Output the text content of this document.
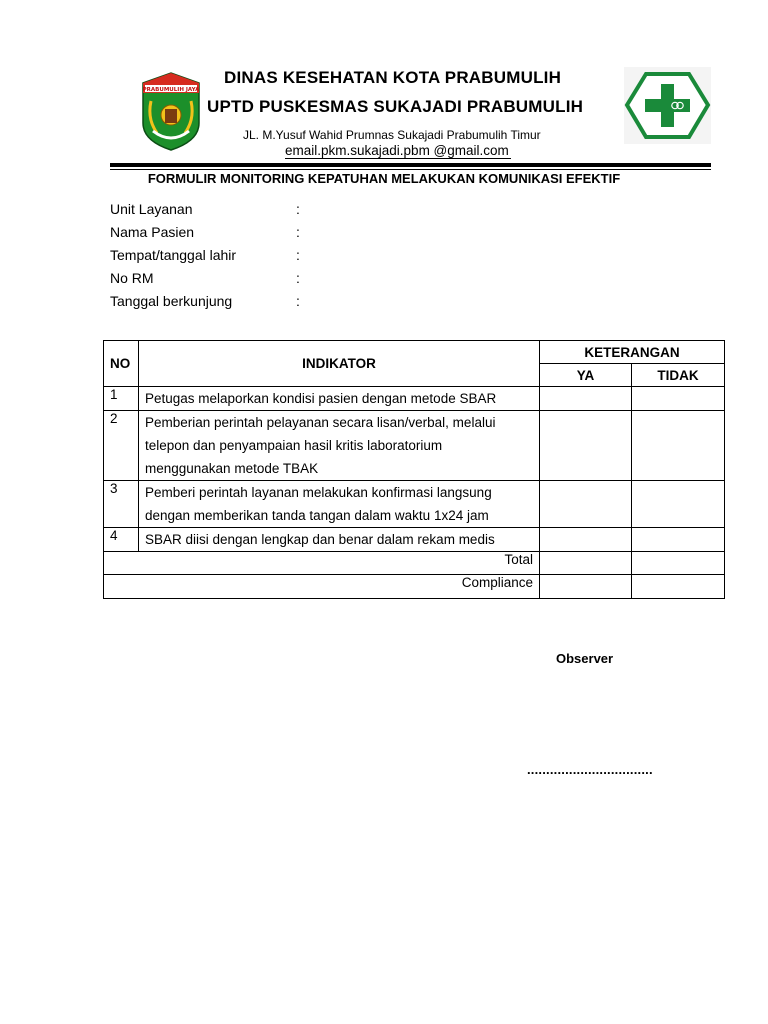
PRABUMULIH JAYA
DINAS KESEHATAN KOTA PRABUMULIH
UPTD PUSKESMAS SUKAJADI PRABUMULIH
JL. M.Yusuf Wahid Prumnas Sukajadi Prabumulih Timur
email.pkm.sukajadi.pbm @gmail.com
FORMULIR MONITORING KEPATUHAN MELAKUKAN KOMUNIKASI EFEKTIF
Unit Layanan	:
Nama Pasien	:
Tempat/tanggal lahir	:
No RM	:
Tanggal berkunjung	:
NO	INDIKATOR	KETERANGAN	
		YA	TIDAK
1	Petugas melaporkan kondisi pasien dengan metode SBAR		

2	Pemberian perintah pelayanan secara lisan/verbal, melalui
telepon dan penyampaian hasil kritis laboratorium
menggunakan metode TBAK		

3	Pemberi perintah layanan melakukan konfirmasi langsung
dengan memberikan tanda tangan dalam waktu 1x24 jam		

4	SBAR diisi dengan lengkap dan benar dalam rekam medis		

Total			
Compliance			
Observer
.................................
